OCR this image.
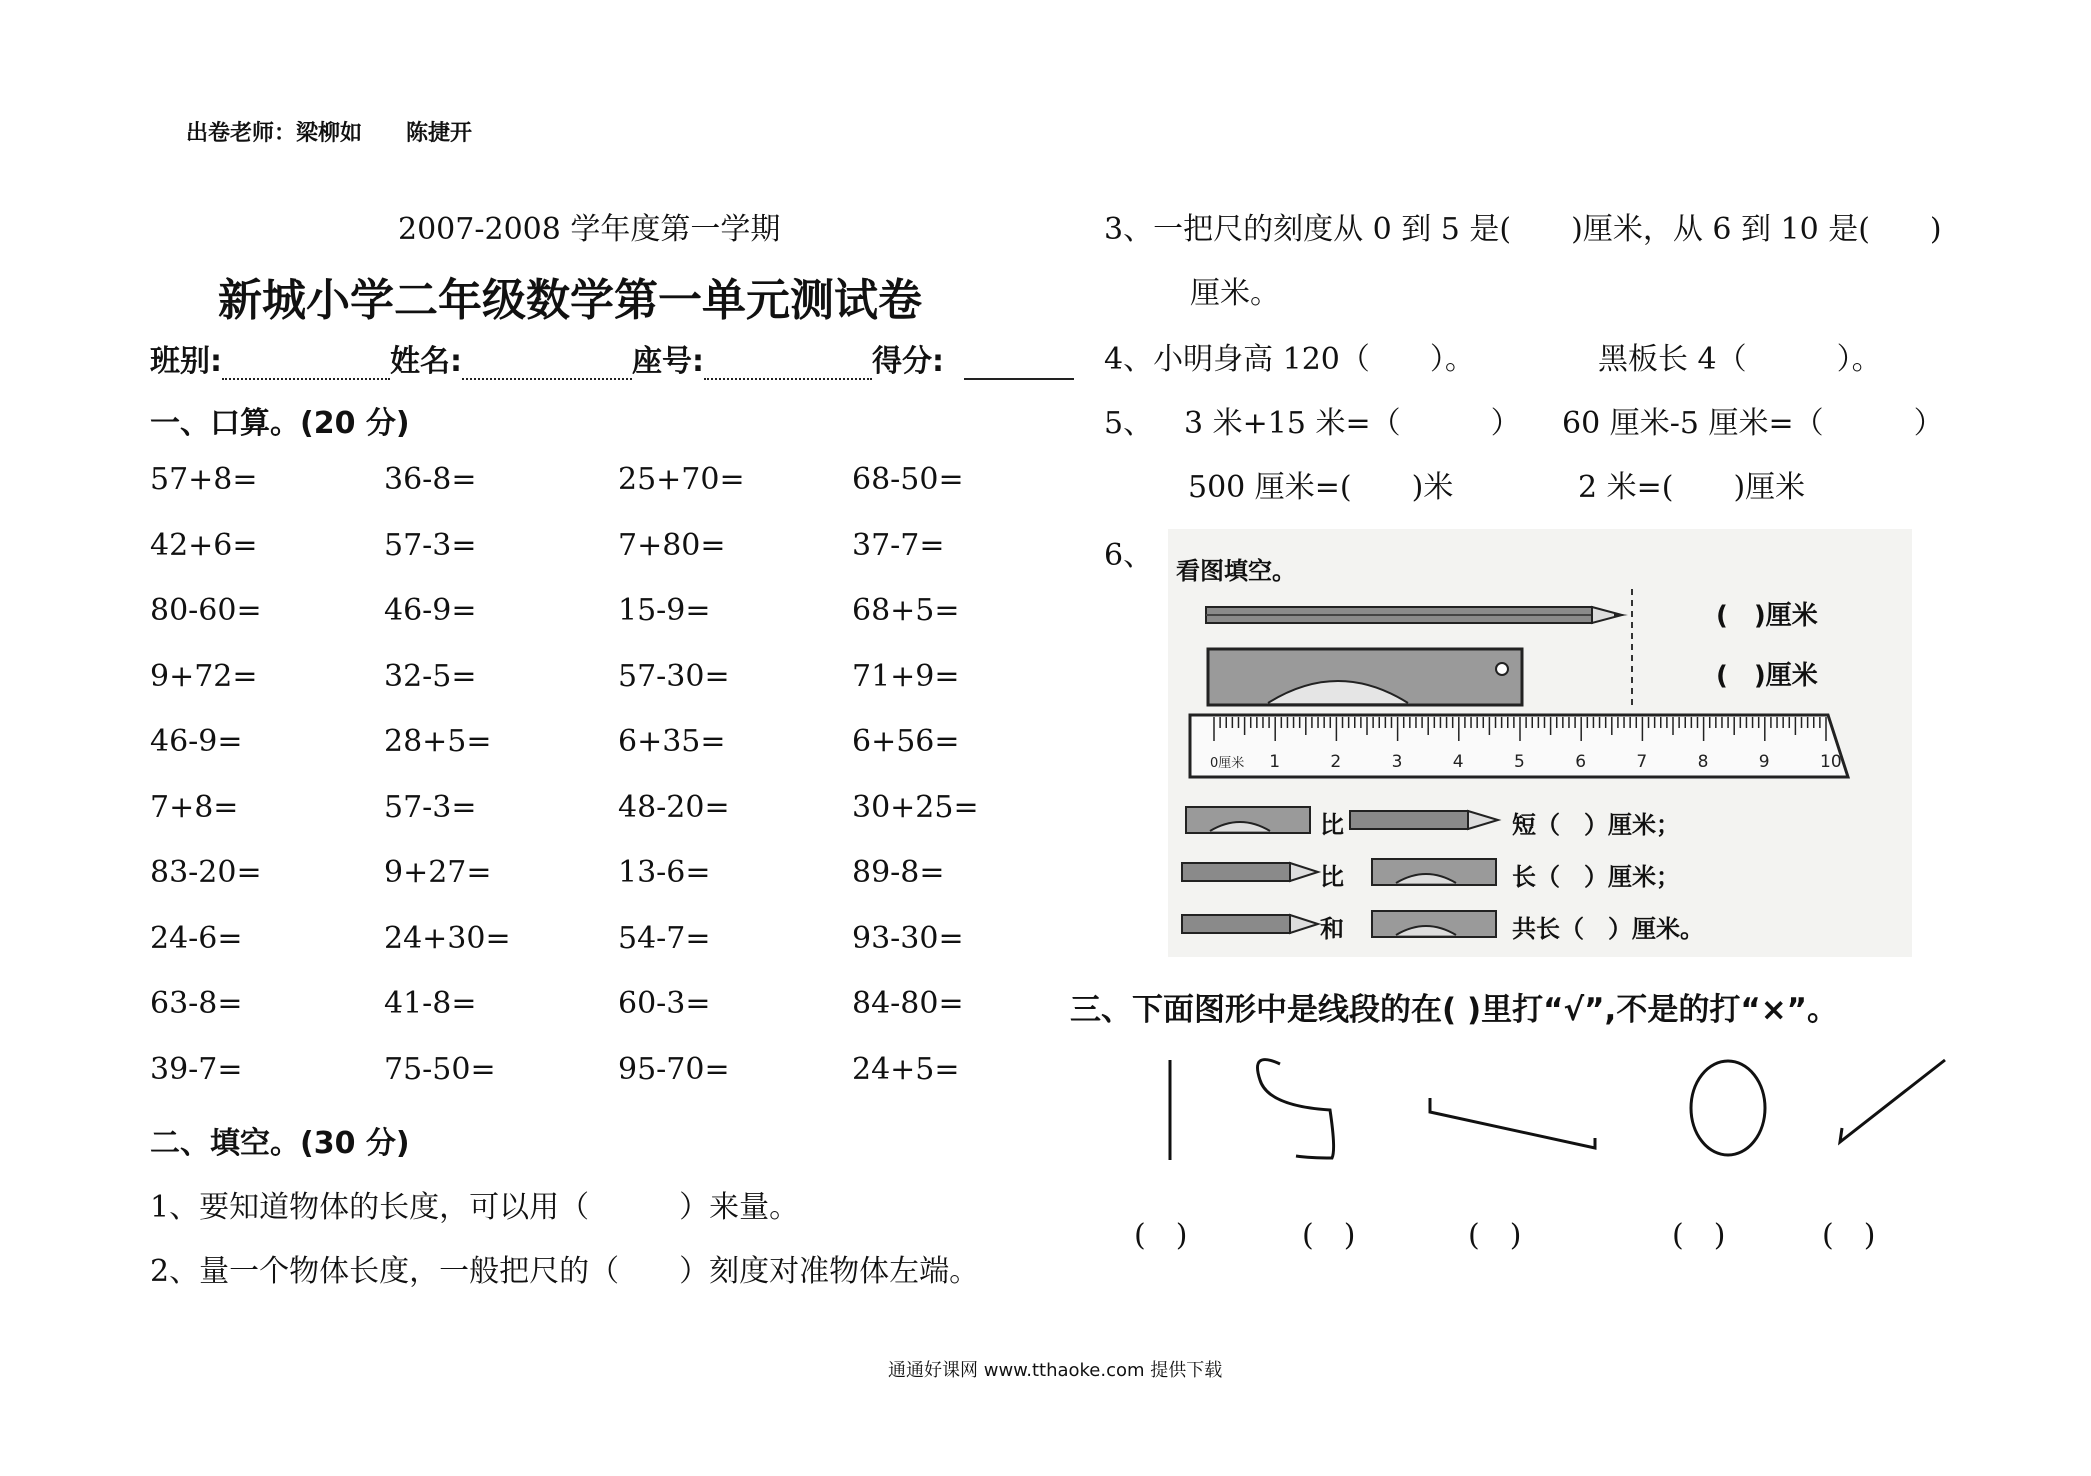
出卷老师：梁柳如　　陈捷开
2007-2008 学年度第一学期
新城小学二年级数学第一单元测试卷
班别:	姓名:	座号:	得分:
一、口算。(20 分)
57+8=	36-8=	25+70=	68-50=
42+6=	57-3=	7+80=	37-7=
80-60=	46-9=	15-9=	68+5=
9+72=	32-5=	57-30=	71+9=
46-9=	28+5=	6+35=	6+56=
7+8=	57-3=	48-20=	30+25=
83-20=	9+27=	13-6=	89-8=
24-6=	24+30=	54-7=	93-30=
63-8=	41-8=	60-3=	84-80=
39-7=	75-50=	95-70=	24+5=
二、填空。(30 分)
1、要知道物体的长度，可以用（　　　）来量。
2、量一个物体长度，一般把尺的（　　）刻度对准物体左端。
3、一把尺的刻度从 0 到 5 是(　　)厘米，从 6 到 10 是(　　)
厘米。
4、小明身高 120（　　）。	黑板长 4（　　　）。
5、 3 米+15 米=（　　　） 60 厘米-5 厘米=（　　　）
500 厘米=(　　)米	2 米=(　　)厘米
6、 看图填空。
0厘米 1	2	3	4	5	6	7	8	9	10
(　)厘米
(　)厘米
比	短（　）厘米；
比	长（　）厘米；
和	共长（　）厘米。
三、下面图形中是线段的在( )里打“√”,不是的打“×”。
(　)	(　)	(　)	(　)	(　)
通通好课网 www.tthaoke.com 提供下载
